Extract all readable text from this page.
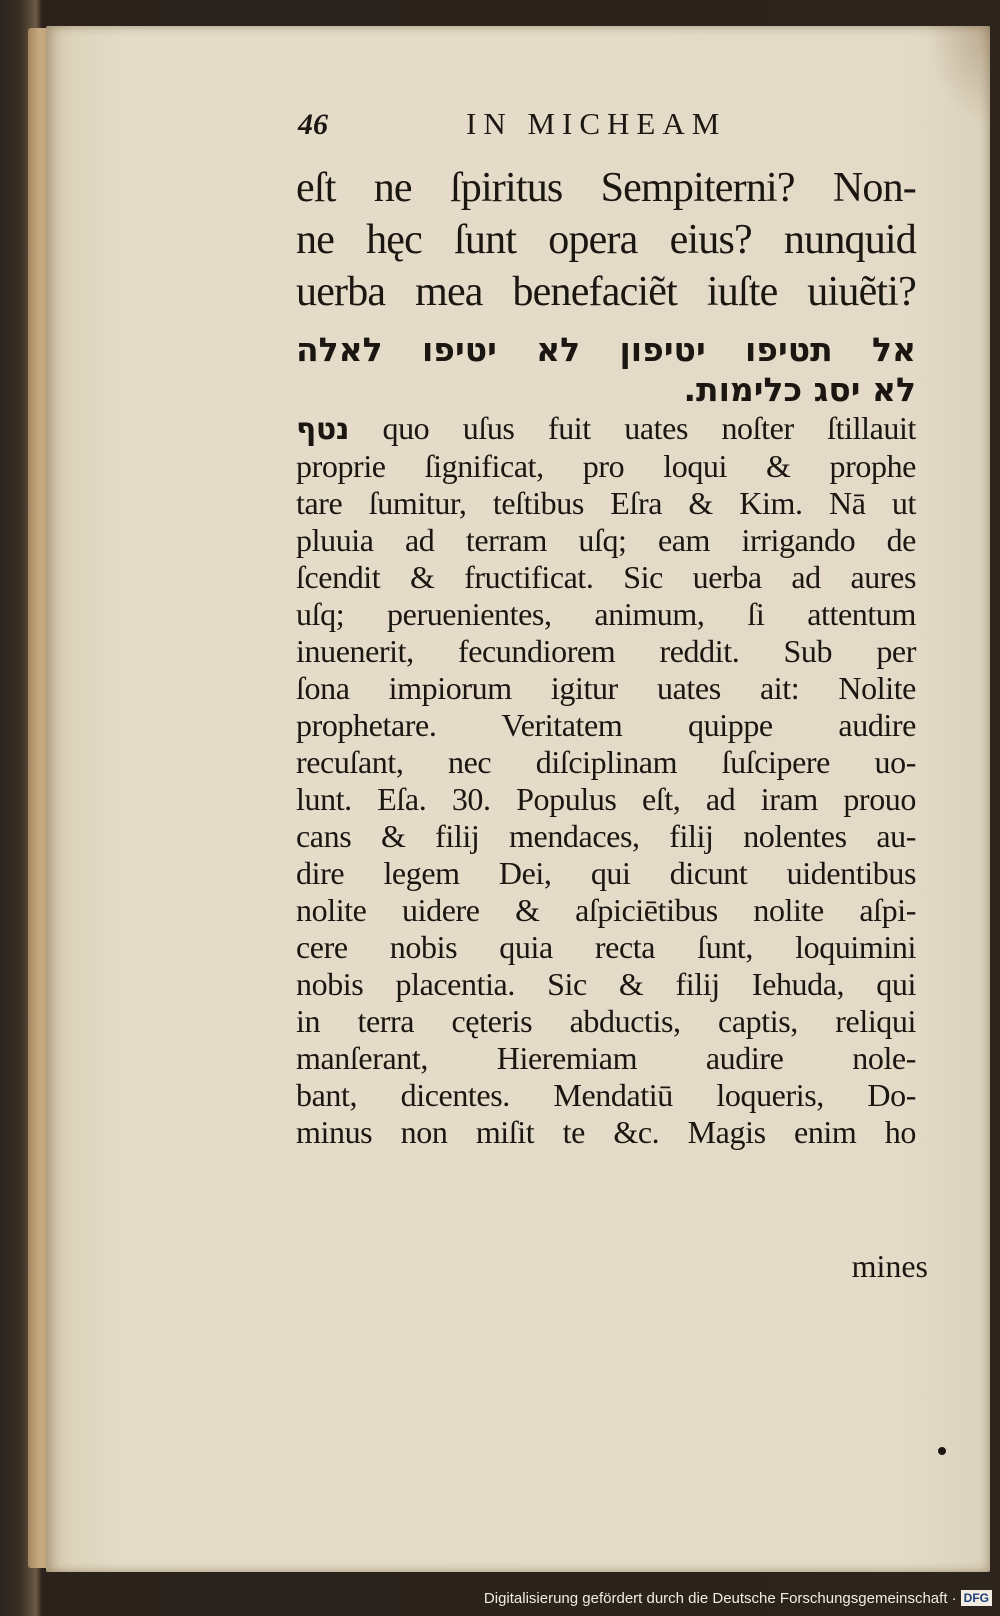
46	IN MICHEAM
eſt ne ſpiritus Sempiterni? Non-
ne hęc ſunt opera eius? nunquid
uerba mea benefaciẽt iuſte uiuẽti?
אל תטיפו יטיפון לא יטיפו לאלה
לא יסג כלימות.
נטף quo uſus fuit uates noſter ſtillauit
proprie ſignificat, pro loqui & prophe
tare ſumitur, teſtibus Eſra & Kim. Nā ut
pluuia ad terram uſq; eam irrigando de
ſcendit & fructificat. Sic uerba ad aures
uſq; peruenientes, animum, ſi attentum
inuenerit, fecundiorem reddit. Sub per
ſona impiorum igitur uates ait: Nolite
prophetare. Veritatem quippe audire
recuſant, nec diſciplinam ſuſcipere uo-
lunt. Eſa. 30. Populus eſt, ad iram prouo
cans & filij mendaces, filij nolentes au-
dire legem Dei, qui dicunt uidentibus
nolite uidere & aſpiciētibus nolite aſpi-
cere nobis quia recta ſunt, loquimini
nobis placentia. Sic & filij Iehuda, qui
in terra cęteris abductis, captis, reliqui
manſerant, Hieremiam audire nole-
bant, dicentes. Mendatiū loqueris, Do-
minus non miſit te &c. Magis enim ho
mines
Digitalisierung gefördert durch die Deutsche Forschungsgemeinschaft · DFG
